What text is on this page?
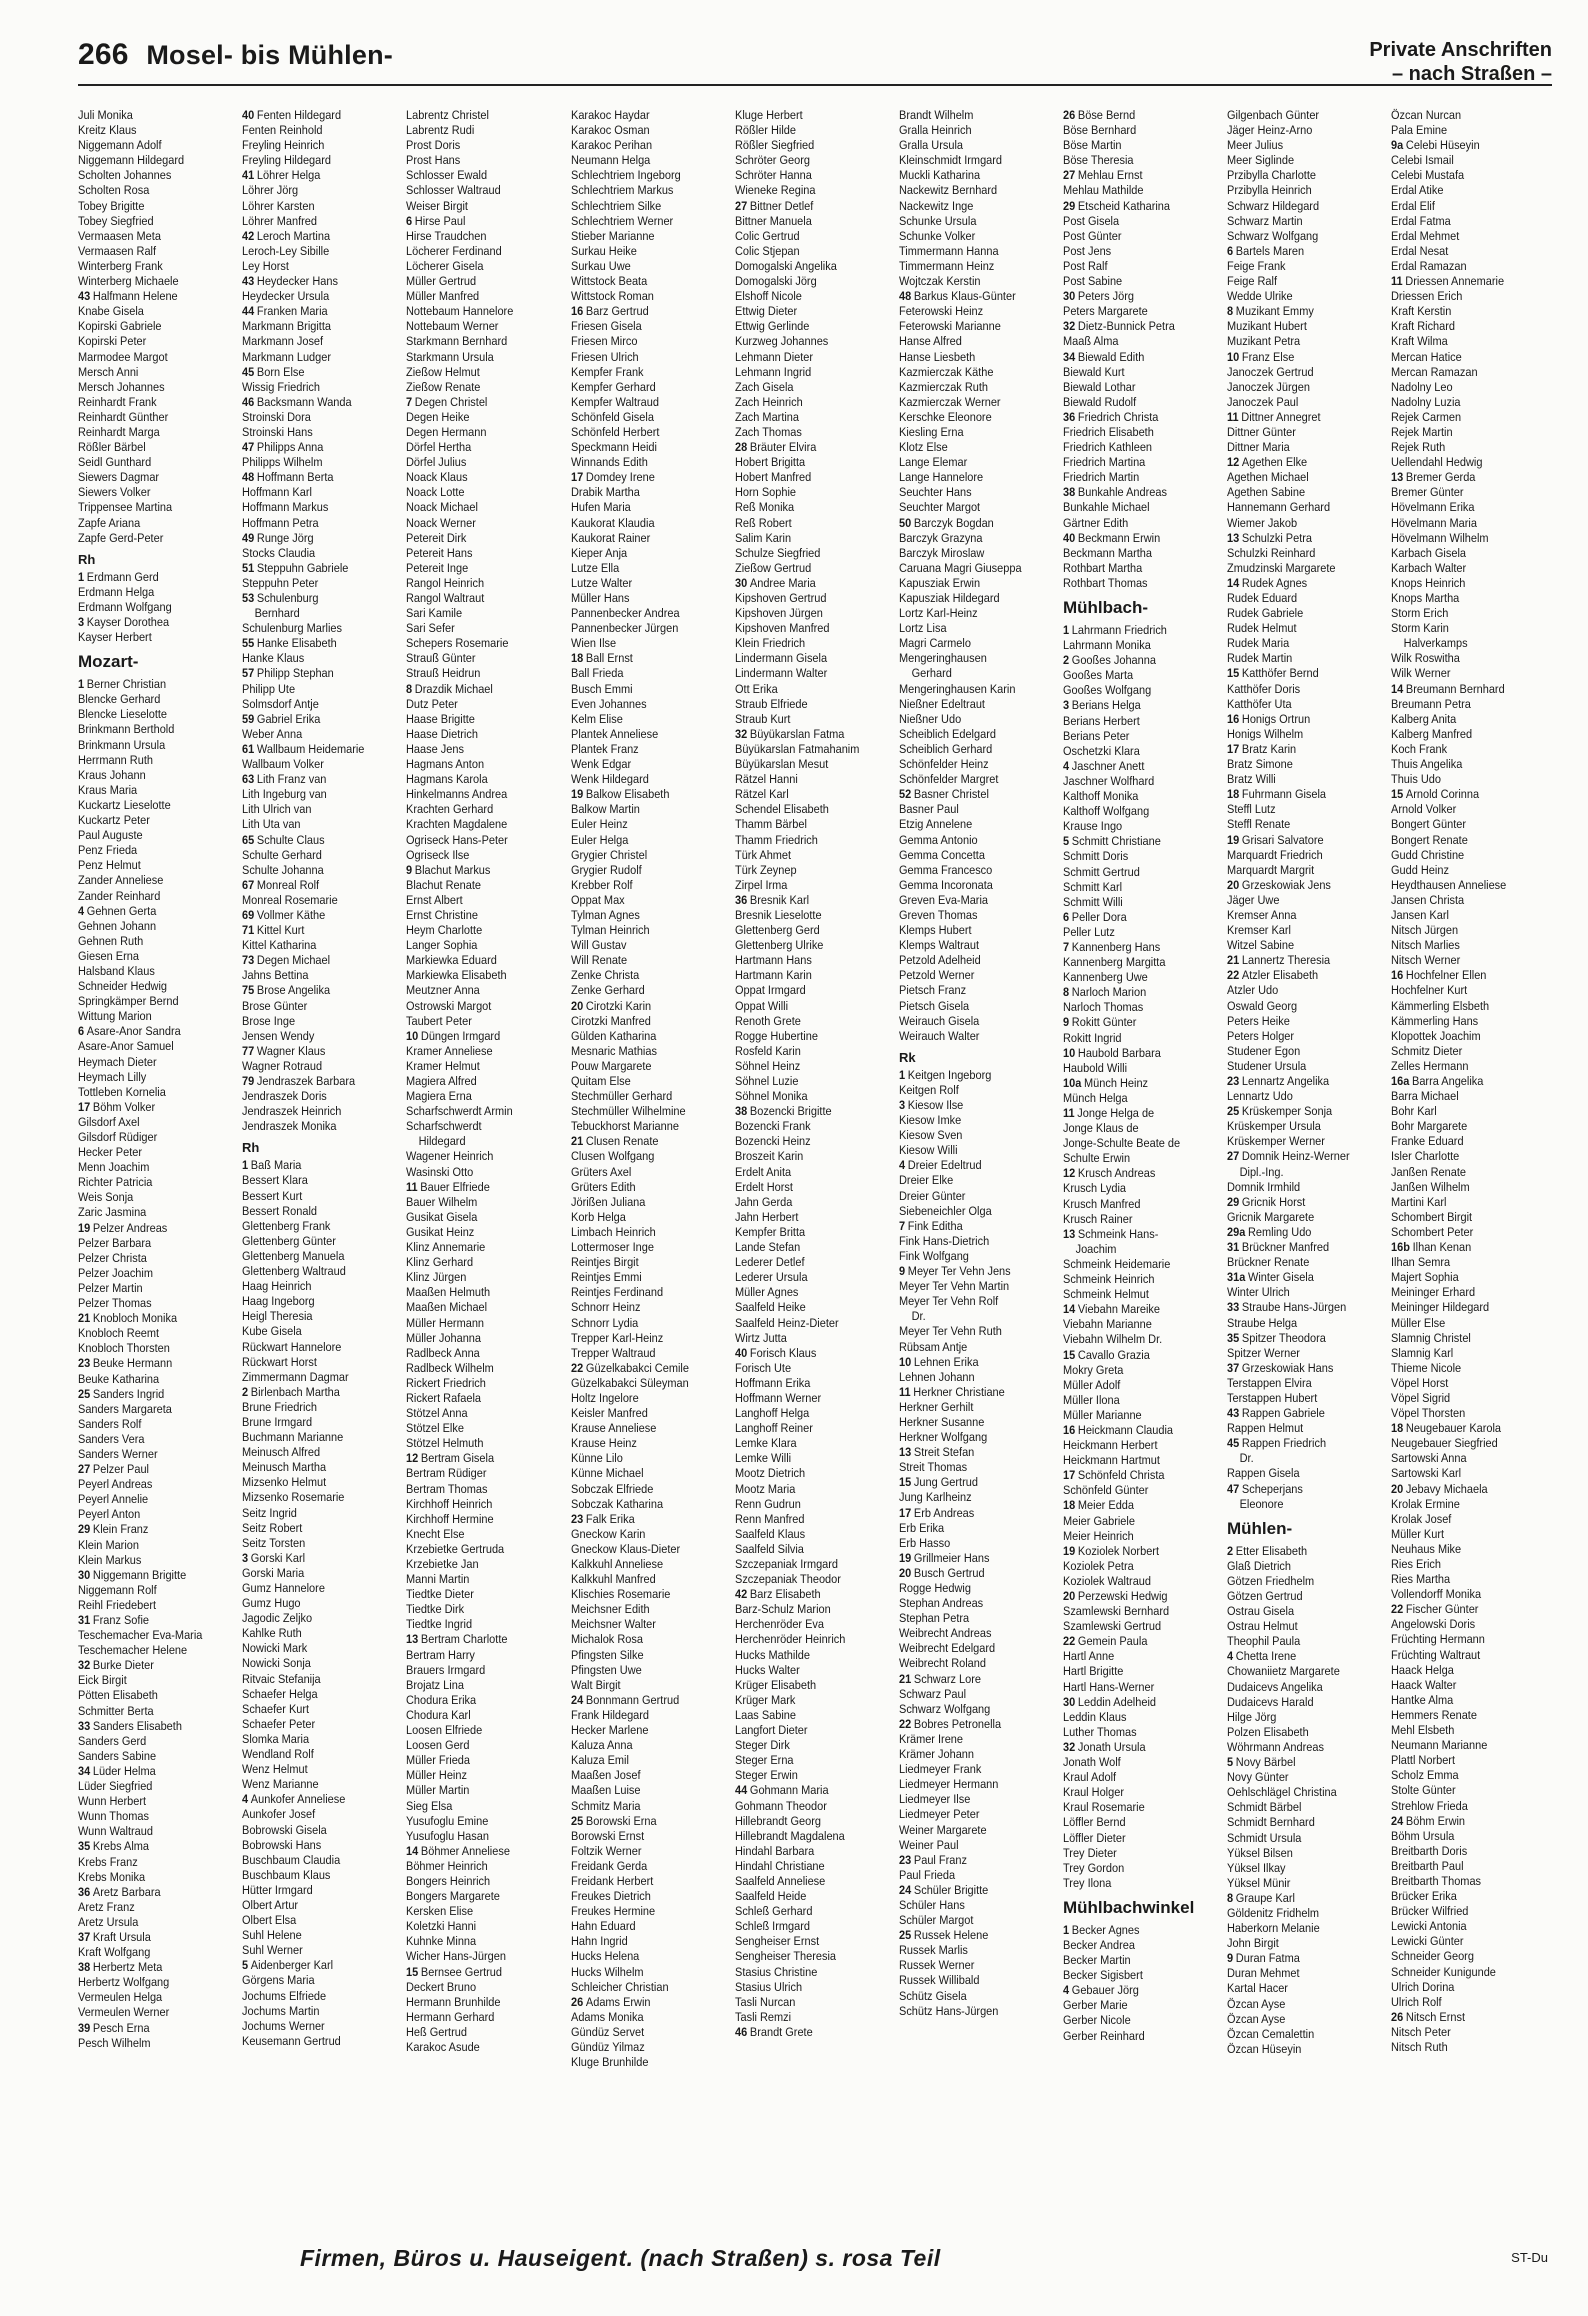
266 Mosel- bis Mühlen-	Private Anschriften
– nach Straßen –
Juli Monika
Kreitz Klaus
Niggemann Adolf
Niggemann Hildegard
Scholten Johannes
Scholten Rosa
Tobey Brigitte
Tobey Siegfried
Vermaasen Meta
Vermaasen Ralf
Winterberg Frank
Winterberg Michaele
43 Halfmann Helene
Knabe Gisela
Kopirski Gabriele
Kopirski Peter
Marmodee Margot
Mersch Anni
Mersch Johannes
Reinhardt Frank
Reinhardt Günther
Reinhardt Marga
Rößler Bärbel
Seidl Gunthard
Siewers Dagmar
Siewers Volker
Trippensee Martina
Zapfe Ariana
Zapfe Gerd-Peter
Rh
1 Erdmann Gerd
Erdmann Helga
Erdmann Wolfgang
3 Kayser Dorothea
Kayser Herbert
Mozart-
1 Berner Christian
Blencke Gerhard
Blencke Lieselotte
Brinkmann Berthold
Brinkmann Ursula
Herrmann Ruth
Kraus Johann
Kraus Maria
Kuckartz Lieselotte
Kuckartz Peter
Paul Auguste
Penz Frieda
Penz Helmut
Zander Anneliese
Zander Reinhard
4 Gehnen Gerta
Gehnen Johann
Gehnen Ruth
Giesen Erna
Halsband Klaus
Schneider Hedwig
Springkämper Bernd
Wittung Marion
6 Asare-Anor Sandra
Asare-Anor Samuel
Heymach Dieter
Heymach Lilly
Tottleben Kornelia
17 Böhm Volker
Gilsdorf Axel
Gilsdorf Rüdiger
Hecker Peter
Menn Joachim
Richter Patricia
Weis Sonja
Zaric Jasmina
19 Pelzer Andreas
Pelzer Barbara
Pelzer Christa
Pelzer Joachim
Pelzer Martin
Pelzer Thomas
21 Knobloch Monika
Knobloch Reemt
Knobloch Thorsten
23 Beuke Hermann
Beuke Katharina
25 Sanders Ingrid
Sanders Margareta
Sanders Rolf
Sanders Vera
Sanders Werner
27 Pelzer Paul
Peyerl Andreas
Peyerl Annelie
Peyerl Anton
29 Klein Franz
Klein Marion
Klein Markus
30 Niggemann Brigitte
Niggemann Rolf
Reihl Friedebert
31 Franz Sofie
Teschemacher Eva-Maria
Teschemacher Helene
32 Burke Dieter
Eick Birgit
Pötten Elisabeth
Schmitter Berta
33 Sanders Elisabeth
Sanders Gerd
Sanders Sabine
34 Lüder Helma
Lüder Siegfried
Wunn Herbert
Wunn Thomas
Wunn Waltraud
35 Krebs Alma
Krebs Franz
Krebs Monika
36 Aretz Barbara
Aretz Franz
Aretz Ursula
37 Kraft Ursula
Kraft Wolfgang
38 Herbertz Meta
Herbertz Wolfgang
Vermeulen Helga
Vermeulen Werner
39 Pesch Erna
Pesch Wilhelm
40 Fenten Hildegard
Fenten Reinhold
Freyling Heinrich
Freyling Hildegard
41 Löhrer Helga
Löhrer Jörg
Löhrer Karsten
Löhrer Manfred
42 Leroch Martina
Leroch-Ley Sibille
Ley Horst
43 Heydecker Hans
Heydecker Ursula
44 Franken Maria
Markmann Brigitta
Markmann Josef
Markmann Ludger
45 Born Else
Wissig Friedrich
46 Backsmann Wanda
Stroinski Dora
Stroinski Hans
47 Philipps Anna
Philipps Wilhelm
48 Hoffmann Berta
Hoffmann Karl
Hoffmann Markus
Hoffmann Petra
49 Runge Jörg
Stocks Claudia
51 Steppuhn Gabriele
Steppuhn Peter
53 Schulenburg
Bernhard
Schulenburg Marlies
55 Hanke Elisabeth
Hanke Klaus
57 Philipp Stephan
Philipp Ute
Solmsdorf Antje
59 Gabriel Erika
Weber Anna
61 Wallbaum Heidemarie
Wallbaum Volker
63 Lith Franz van
Lith Ingeburg van
Lith Ulrich van
Lith Uta van
65 Schulte Claus
Schulte Gerhard
Schulte Johanna
67 Monreal Rolf
Monreal Rosemarie
69 Vollmer Käthe
71 Kittel Kurt
Kittel Katharina
73 Degen Michael
Jahns Bettina
75 Brose Angelika
Brose Günter
Brose Inge
Jensen Wendy
77 Wagner Klaus
Wagner Rotraud
79 Jendraszek Barbara
Jendraszek Doris
Jendraszek Heinrich
Jendraszek Monika
Rh
1 Baß Maria
Bessert Klara
Bessert Kurt
Bessert Ronald
Glettenberg Frank
Glettenberg Günter
Glettenberg Manuela
Glettenberg Waltraud
Haag Heinrich
Haag Ingeborg
Heigl Theresia
Kube Gisela
Rückwart Hannelore
Rückwart Horst
Zimmermann Dagmar
2 Birlenbach Martha
Brune Friedrich
Brune Irmgard
Buchmann Marianne
Meinusch Alfred
Meinusch Martha
Mizsenko Helmut
Mizsenko Rosemarie
Seitz Ingrid
Seitz Robert
Seitz Torsten
3 Gorski Karl
Gorski Maria
Gumz Hannelore
Gumz Hugo
Jagodic Zeljko
Kahlke Ruth
Nowicki Mark
Nowicki Sonja
Ritvaic Stefanija
Schaefer Helga
Schaefer Kurt
Schaefer Peter
Slomka Maria
Wendland Rolf
Wenz Helmut
Wenz Marianne
4 Aunkofer Anneliese
Aunkofer Josef
Bobrowski Gisela
Bobrowski Hans
Buschbaum Claudia
Buschbaum Klaus
Hütter Irmgard
Olbert Artur
Olbert Elsa
Suhl Helene
Suhl Werner
5 Aidenberger Karl
Görgens Maria
Jochums Elfriede
Jochums Martin
Jochums Werner
Keusemann Gertrud
Labrentz Christel
Labrentz Rudi
Prost Doris
Prost Hans
Schlosser Ewald
Schlosser Waltraud
Weiser Birgit
6 Hirse Paul
Hirse Traudchen
Löcherer Ferdinand
Löcherer Gisela
Müller Gertrud
Müller Manfred
Nottebaum Hannelore
Nottebaum Werner
Starkmann Bernhard
Starkmann Ursula
Zießow Helmut
Zießow Renate
7 Degen Christel
Degen Heike
Degen Hermann
Dörfel Hertha
Dörfel Julius
Noack Klaus
Noack Lotte
Noack Michael
Noack Werner
Petereit Dirk
Petereit Hans
Petereit Inge
Rangol Heinrich
Rangol Waltraut
Sari Kamile
Sari Sefer
Schepers Rosemarie
Strauß Günter
Strauß Heidrun
8 Drazdik Michael
Dutz Peter
Haase Brigitte
Haase Dietrich
Haase Jens
Hagmans Anton
Hagmans Karola
Hinkelmanns Andrea
Krachten Gerhard
Krachten Magdalene
Ogriseck Hans-Peter
Ogriseck Ilse
9 Blachut Markus
Blachut Renate
Ernst Albert
Ernst Christine
Heym Charlotte
Langer Sophia
Markiewka Eduard
Markiewka Elisabeth
Meutzner Anna
Ostrowski Margot
Taubert Peter
10 Düngen Irmgard
Kramer Anneliese
Kramer Helmut
Magiera Alfred
Magiera Erna
Scharfschwerdt Armin
Scharfschwerdt
Hildegard
Wagener Heinrich
Wasinski Otto
11 Bauer Elfriede
Bauer Wilhelm
Gusikat Gisela
Gusikat Heinz
Klinz Annemarie
Klinz Gerhard
Klinz Jürgen
Maaßen Helmuth
Maaßen Michael
Müller Hermann
Müller Johanna
Radlbeck Anna
Radlbeck Wilhelm
Rickert Friedrich
Rickert Rafaela
Stötzel Anna
Stötzel Elke
Stötzel Helmuth
12 Bertram Gisela
Bertram Rüdiger
Bertram Thomas
Kirchhoff Heinrich
Kirchhoff Hermine
Knecht Else
Krzebietke Gertruda
Krzebietke Jan
Manni Martin
Tiedtke Dieter
Tiedtke Dirk
Tiedtke Ingrid
13 Bertram Charlotte
Bertram Harry
Brauers Irmgard
Brojatz Lina
Chodura Erika
Chodura Karl
Loosen Elfriede
Loosen Gerd
Müller Frieda
Müller Heinz
Müller Martin
Sieg Elsa
Yusufoglu Emine
Yusufoglu Hasan
14 Böhmer Anneliese
Böhmer Heinrich
Bongers Heinrich
Bongers Margarete
Kersken Elise
Koletzki Hanni
Kuhnke Minna
Wicher Hans-Jürgen
15 Bernsee Gertrud
Deckert Bruno
Hermann Brunhilde
Hermann Gerhard
Heß Gertrud
Karakoc Asude
Karakoc Haydar
Karakoc Osman
Karakoc Perihan
Neumann Helga
Schlechtriem Ingeborg
Schlechtriem Markus
Schlechtriem Silke
Schlechtriem Werner
Stieber Marianne
Surkau Heike
Surkau Uwe
Wittstock Beata
Wittstock Roman
16 Barz Gertrud
Friesen Gisela
Friesen Mirco
Friesen Ulrich
Kempfer Frank
Kempfer Gerhard
Kempfer Waltraud
Schönfeld Gisela
Schönfeld Herbert
Speckmann Heidi
Winnands Edith
17 Domdey Irene
Drabik Martha
Hufen Maria
Kaukorat Klaudia
Kaukorat Rainer
Kieper Anja
Lutze Ella
Lutze Walter
Müller Hans
Pannenbecker Andrea
Pannenbecker Jürgen
Wien Ilse
18 Ball Ernst
Ball Frieda
Busch Emmi
Even Johannes
Kelm Elise
Plantek Anneliese
Plantek Franz
Wenk Edgar
Wenk Hildegard
19 Balkow Elisabeth
Balkow Martin
Euler Heinz
Euler Helga
Grygier Christel
Grygier Rudolf
Krebber Rolf
Oppat Max
Tylman Agnes
Tylman Heinrich
Will Gustav
Will Renate
Zenke Christa
Zenke Gerhard
20 Cirotzki Karin
Cirotzki Manfred
Gülden Katharina
Mesnaric Mathias
Pouw Margarete
Quitam Else
Stechmüller Gerhard
Stechmüller Wilhelmine
Tebuckhorst Marianne
21 Clusen Renate
Clusen Wolfgang
Grüters Axel
Grüters Edith
Jörißen Juliana
Korb Helga
Limbach Heinrich
Lottermoser Inge
Reintjes Birgit
Reintjes Emmi
Reintjes Ferdinand
Schnorr Heinz
Schnorr Lydia
Trepper Karl-Heinz
Trepper Waltraud
22 Güzelkabakci Cemile
Güzelkabakci Süleyman
Holtz Ingelore
Keisler Manfred
Krause Anneliese
Krause Heinz
Künne Lilo
Künne Michael
Sobczak Elfriede
Sobczak Katharina
23 Falk Erika
Gneckow Karin
Gneckow Klaus-Dieter
Kalkkuhl Anneliese
Kalkkuhl Manfred
Klischies Rosemarie
Meichsner Edith
Meichsner Walter
Michalok Rosa
Pfingsten Silke
Pfingsten Uwe
Walt Birgit
24 Bonnmann Gertrud
Frank Hildegard
Hecker Marlene
Kaluza Anna
Kaluza Emil
Maaßen Josef
Maaßen Luise
Schmitz Maria
25 Borowski Erna
Borowski Ernst
Foltzik Werner
Freidank Gerda
Freidank Herbert
Freukes Dietrich
Freukes Hermine
Hahn Eduard
Hahn Ingrid
Hucks Helena
Hucks Wilhelm
Schleicher Christian
26 Adams Erwin
Adams Monika
Gündüz Servet
Gündüz Yilmaz
Kluge Brunhilde
Kluge Herbert
Rößler Hilde
Rößler Siegfried
Schröter Georg
Schröter Hanna
Wieneke Regina
27 Bittner Detlef
Bittner Manuela
Colic Gertrud
Colic Stjepan
Domogalski Angelika
Domogalski Jörg
Elshoff Nicole
Ettwig Dieter
Ettwig Gerlinde
Kurzweg Johannes
Lehmann Dieter
Lehmann Ingrid
Zach Gisela
Zach Heinrich
Zach Martina
Zach Thomas
28 Bräuter Elvira
Hobert Brigitta
Hobert Manfred
Horn Sophie
Reß Monika
Reß Robert
Salim Karin
Schulze Siegfried
Zießow Gertrud
30 Andree Maria
Kipshoven Gertrud
Kipshoven Jürgen
Kipshoven Manfred
Klein Friedrich
Lindermann Gisela
Lindermann Walter
Ott Erika
Straub Elfriede
Straub Kurt
32 Büyükarslan Fatma
Büyükarslan Fatmahanim
Büyükarslan Mesut
Rätzel Hanni
Rätzel Karl
Schendel Elisabeth
Thamm Bärbel
Thamm Friedrich
Türk Ahmet
Türk Zeynep
Zirpel Irma
36 Bresnik Karl
Bresnik Lieselotte
Glettenberg Gerd
Glettenberg Ulrike
Hartmann Hans
Hartmann Karin
Oppat Irmgard
Oppat Willi
Renoth Grete
Rogge Hubertine
Rosfeld Karin
Söhnel Heinz
Söhnel Luzie
Söhnel Monika
38 Bozencki Brigitte
Bozencki Frank
Bozencki Heinz
Broszeit Karin
Erdelt Anita
Erdelt Horst
Jahn Gerda
Jahn Herbert
Kempfer Britta
Lande Stefan
Lederer Detlef
Lederer Ursula
Müller Agnes
Saalfeld Heike
Saalfeld Heinz-Dieter
Wirtz Jutta
40 Forisch Klaus
Forisch Ute
Hoffmann Erika
Hoffmann Werner
Langhoff Helga
Langhoff Reiner
Lemke Klara
Lemke Willi
Mootz Dietrich
Mootz Maria
Renn Gudrun
Renn Manfred
Saalfeld Klaus
Saalfeld Silvia
Szczepaniak Irmgard
Szczepaniak Theodor
42 Barz Elisabeth
Barz-Schulz Marion
Herchenröder Eva
Herchenröder Heinrich
Hucks Mathilde
Hucks Walter
Krüger Elisabeth
Krüger Mark
Laas Sabine
Langfort Dieter
Steger Dirk
Steger Erna
Steger Erwin
44 Gohmann Maria
Gohmann Theodor
Hillebrandt Georg
Hillebrandt Magdalena
Hindahl Barbara
Hindahl Christiane
Saalfeld Anneliese
Saalfeld Heide
Schleß Gerhard
Schleß Irmgard
Sengheiser Ernst
Sengheiser Theresia
Stasius Christine
Stasius Ulrich
Tasli Nurcan
Tasli Remzi
46 Brandt Grete
Brandt Wilhelm
Gralla Heinrich
Gralla Ursula
Kleinschmidt Irmgard
Muckli Katharina
Nackewitz Bernhard
Nackewitz Inge
Schunke Ursula
Schunke Volker
Timmermann Hanna
Timmermann Heinz
Wojtczak Kerstin
48 Barkus Klaus-Günter
Feterowski Heinz
Feterowski Marianne
Hanse Alfred
Hanse Liesbeth
Kazmierczak Käthe
Kazmierczak Ruth
Kazmierczak Werner
Kerschke Eleonore
Kiesling Erna
Klotz Else
Lange Elemar
Lange Hannelore
Seuchter Hans
Seuchter Margot
50 Barczyk Bogdan
Barczyk Grazyna
Barczyk Miroslaw
Caruana Magri Giuseppa
Kapusziak Erwin
Kapusziak Hildegard
Lortz Karl-Heinz
Lortz Lisa
Magri Carmelo
Mengeringhausen
Gerhard
Mengeringhausen Karin
Nießner Edeltraut
Nießner Udo
Scheiblich Edelgard
Scheiblich Gerhard
Schönfelder Heinz
Schönfelder Margret
52 Basner Christel
Basner Paul
Etzig Annelene
Gemma Antonio
Gemma Concetta
Gemma Francesco
Gemma Incoronata
Greven Eva-Maria
Greven Thomas
Klemps Hubert
Klemps Waltraut
Petzold Adelheid
Petzold Werner
Pietsch Franz
Pietsch Gisela
Weirauch Gisela
Weirauch Walter
Rk
1 Keitgen Ingeborg
Keitgen Rolf
3 Kiesow Ilse
Kiesow Imke
Kiesow Sven
Kiesow Willi
4 Dreier Edeltrud
Dreier Elke
Dreier Günter
Siebeneichler Olga
7 Fink Editha
Fink Hans-Dietrich
Fink Wolfgang
9 Meyer Ter Vehn Jens
Meyer Ter Vehn Martin
Meyer Ter Vehn Rolf
Dr.
Meyer Ter Vehn Ruth
Rübsam Antje
10 Lehnen Erika
Lehnen Johann
11 Herkner Christiane
Herkner Gerhilt
Herkner Susanne
Herkner Wolfgang
13 Streit Stefan
Streit Thomas
15 Jung Gertrud
Jung Karlheinz
17 Erb Andreas
Erb Erika
Erb Hasso
19 Grillmeier Hans
20 Busch Gertrud
Rogge Hedwig
Stephan Andreas
Stephan Petra
Weibrecht Andreas
Weibrecht Edelgard
Weibrecht Roland
21 Schwarz Lore
Schwarz Paul
Schwarz Wolfgang
22 Bobres Petronella
Krämer Irene
Krämer Johann
Liedmeyer Frank
Liedmeyer Hermann
Liedmeyer Ilse
Liedmeyer Peter
Weiner Margarete
Weiner Paul
23 Paul Franz
Paul Frieda
24 Schüler Brigitte
Schüler Hans
Schüler Margot
25 Russek Helene
Russek Marlis
Russek Werner
Russek Willibald
Schütz Gisela
Schütz Hans-Jürgen
26 Böse Bernd
Böse Bernhard
Böse Martin
Böse Theresia
27 Mehlau Ernst
Mehlau Mathilde
29 Etscheid Katharina
Post Gisela
Post Günter
Post Jens
Post Ralf
Post Sabine
30 Peters Jörg
Peters Margarete
32 Dietz-Bunnick Petra
Maaß Alma
34 Biewald Edith
Biewald Kurt
Biewald Lothar
Biewald Rudolf
36 Friedrich Christa
Friedrich Elisabeth
Friedrich Kathleen
Friedrich Martina
Friedrich Martin
38 Bunkahle Andreas
Bunkahle Michael
Gärtner Edith
40 Beckmann Erwin
Beckmann Martha
Rothbart Martha
Rothbart Thomas
Mühlbach-
1 Lahrmann Friedrich
Lahrmann Monika
2 Gooßes Johanna
Gooßes Marta
Gooßes Wolfgang
3 Berians Helga
Berians Herbert
Berians Peter
Oschetzki Klara
4 Jaschner Anett
Jaschner Wolfhard
Kalthoff Monika
Kalthoff Wolfgang
Krause Ingo
5 Schmitt Christiane
Schmitt Doris
Schmitt Gertrud
Schmitt Karl
Schmitt Willi
6 Peller Dora
Peller Lutz
7 Kannenberg Hans
Kannenberg Margitta
Kannenberg Uwe
8 Narloch Marion
Narloch Thomas
9 Rokitt Günter
Rokitt Ingrid
10 Haubold Barbara
Haubold Willi
10a Münch Heinz
Münch Helga
11 Jonge Helga de
Jonge Klaus de
Jonge-Schulte Beate de
Schulte Erwin
12 Krusch Andreas
Krusch Lydia
Krusch Manfred
Krusch Rainer
13 Schmeink Hans-
Joachim
Schmeink Heidemarie
Schmeink Heinrich
Schmeink Helmut
14 Viebahn Mareike
Viebahn Marianne
Viebahn Wilhelm Dr.
15 Cavallo Grazia
Mokry Greta
Müller Adolf
Müller Ilona
Müller Marianne
16 Heickmann Claudia
Heickmann Herbert
Heickmann Hartmut
17 Schönfeld Christa
Schönfeld Günter
18 Meier Edda
Meier Gabriele
Meier Heinrich
19 Koziolek Norbert
Koziolek Petra
Koziolek Waltraud
20 Perzewski Hedwig
Szamlewski Bernhard
Szamlewski Gertrud
22 Gemein Paula
Hartl Anne
Hartl Brigitte
Hartl Hans-Werner
30 Leddin Adelheid
Leddin Klaus
Luther Thomas
32 Jonath Ursula
Jonath Wolf
Kraul Adolf
Kraul Holger
Kraul Rosemarie
Löffler Bernd
Löffler Dieter
Trey Dieter
Trey Gordon
Trey Ilona
Mühlbachwinkel
1 Becker Agnes
Becker Andrea
Becker Martin
Becker Sigisbert
4 Gebauer Jörg
Gerber Marie
Gerber Nicole
Gerber Reinhard
Gilgenbach Günter
Jäger Heinz-Arno
Meer Julius
Meer Siglinde
Przibylla Charlotte
Przibylla Heinrich
Schwarz Hildegard
Schwarz Martin
Schwarz Wolfgang
6 Bartels Maren
Feige Frank
Feige Ralf
Wedde Ulrike
8 Muzikant Emmy
Muzikant Hubert
Muzikant Petra
10 Franz Else
Janoczek Gertrud
Janoczek Jürgen
Janoczek Paul
11 Dittner Annegret
Dittner Günter
Dittner Maria
12 Agethen Elke
Agethen Michael
Agethen Sabine
Hannemann Gerhard
Wiemer Jakob
13 Schulzki Petra
Schulzki Reinhard
Zmudzinski Margarete
14 Rudek Agnes
Rudek Eduard
Rudek Gabriele
Rudek Helmut
Rudek Maria
Rudek Martin
15 Katthöfer Bernd
Katthöfer Doris
Katthöfer Uta
16 Honigs Ortrun
Honigs Wilhelm
17 Bratz Karin
Bratz Simone
Bratz Willi
18 Fuhrmann Gisela
Steffl Lutz
Steffl Renate
19 Grisari Salvatore
Marquardt Friedrich
Marquardt Margrit
20 Grzeskowiak Jens
Jäger Uwe
Kremser Anna
Kremser Karl
Witzel Sabine
21 Lannertz Theresia
22 Atzler Elisabeth
Atzler Udo
Oswald Georg
Peters Heike
Peters Holger
Studener Egon
Studener Ursula
23 Lennartz Angelika
Lennartz Udo
25 Krüskemper Sonja
Krüskemper Ursula
Krüskemper Werner
27 Domnik Heinz-Werner
Dipl.-Ing.
Domnik Irmhild
29 Gricnik Horst
Gricnik Margarete
29a Remling Udo
31 Brückner Manfred
Brückner Renate
31a Winter Gisela
Winter Ulrich
33 Straube Hans-Jürgen
Straube Helga
35 Spitzer Theodora
Spitzer Werner
37 Grzeskowiak Hans
Terstappen Elvira
Terstappen Hubert
43 Rappen Gabriele
Rappen Helmut
45 Rappen Friedrich
Dr.
Rappen Gisela
47 Scheperjans
Eleonore
Mühlen-
2 Etter Elisabeth
Glaß Dietrich
Götzen Friedhelm
Götzen Gertrud
Ostrau Gisela
Ostrau Helmut
Theophil Paula
4 Chetta Irene
Chowaniietz Margarete
Dudaicevs Angelika
Dudaicevs Harald
Hilge Jörg
Polzen Elisabeth
Wöhrmann Andreas
5 Novy Bärbel
Novy Günter
Oehlschlägel Christina
Schmidt Bärbel
Schmidt Bernhard
Schmidt Ursula
Yüksel Bilsen
Yüksel Ilkay
Yüksel Münir
8 Graupe Karl
Göldenitz Fridhelm
Haberkorn Melanie
John Birgit
9 Duran Fatma
Duran Mehmet
Kartal Hacer
Özcan Ayse
Özcan Ayse
Özcan Cemalettin
Özcan Hüseyin
Özcan Nurcan
Pala Emine
9a Celebi Hüseyin
Celebi Ismail
Celebi Mustafa
Erdal Atike
Erdal Elif
Erdal Fatma
Erdal Mehmet
Erdal Nesat
Erdal Ramazan
11 Driessen Annemarie
Driessen Erich
Kraft Kerstin
Kraft Richard
Kraft Wilma
Mercan Hatice
Mercan Ramazan
Nadolny Leo
Nadolny Luzia
Rejek Carmen
Rejek Martin
Rejek Ruth
Uellendahl Hedwig
13 Bremer Gerda
Bremer Günter
Hövelmann Erika
Hövelmann Maria
Hövelmann Wilhelm
Karbach Gisela
Karbach Walter
Knops Heinrich
Knops Martha
Storm Erich
Storm Karin
Halverkamps
Wilk Roswitha
Wilk Werner
14 Breumann Bernhard
Breumann Petra
Kalberg Anita
Kalberg Manfred
Koch Frank
Thuis Angelika
Thuis Udo
15 Arnold Corinna
Arnold Volker
Bongert Günter
Bongert Renate
Gudd Christine
Gudd Heinz
Heydthausen Anneliese
Jansen Christa
Jansen Karl
Nitsch Jürgen
Nitsch Marlies
Nitsch Werner
16 Hochfelner Ellen
Hochfelner Kurt
Kämmerling Elsbeth
Kämmerling Hans
Klopottek Joachim
Schmitz Dieter
Zelles Hermann
16a Barra Angelika
Barra Michael
Bohr Karl
Bohr Margarete
Franke Eduard
Isler Charlotte
Janßen Renate
Janßen Wilhelm
Martini Karl
Schombert Birgit
Schombert Peter
16b Ilhan Kenan
Ilhan Semra
Majert Sophia
Meininger Erhard
Meininger Hildegard
Müller Else
Slamnig Christel
Slamnig Karl
Thieme Nicole
Vöpel Horst
Vöpel Sigrid
Vöpel Thorsten
18 Neugebauer Karola
Neugebauer Siegfried
Sartowski Anna
Sartowski Karl
20 Jebavy Michaela
Krolak Ermine
Krolak Josef
Müller Kurt
Neuhaus Mike
Ries Erich
Ries Martha
Vollendorff Monika
22 Fischer Günter
Angelowski Doris
Früchting Hermann
Früchting Waltraut
Haack Helga
Haack Walter
Hantke Alma
Hemmers Renate
Mehl Elsbeth
Neumann Marianne
Plattl Norbert
Scholz Emma
Stolte Günter
Strehlow Frieda
24 Böhm Erwin
Böhm Ursula
Breitbarth Doris
Breitbarth Paul
Breitbarth Thomas
Brücker Erika
Brücker Wilfried
Lewicki Antonia
Lewicki Günter
Schneider Georg
Schneider Kunigunde
Ulrich Dorina
Ulrich Rolf
26 Nitsch Ernst
Nitsch Peter
Nitsch Ruth
Firmen, Büros u. Hauseigent. (nach Straßen) s. rosa Teil	ST-Du
